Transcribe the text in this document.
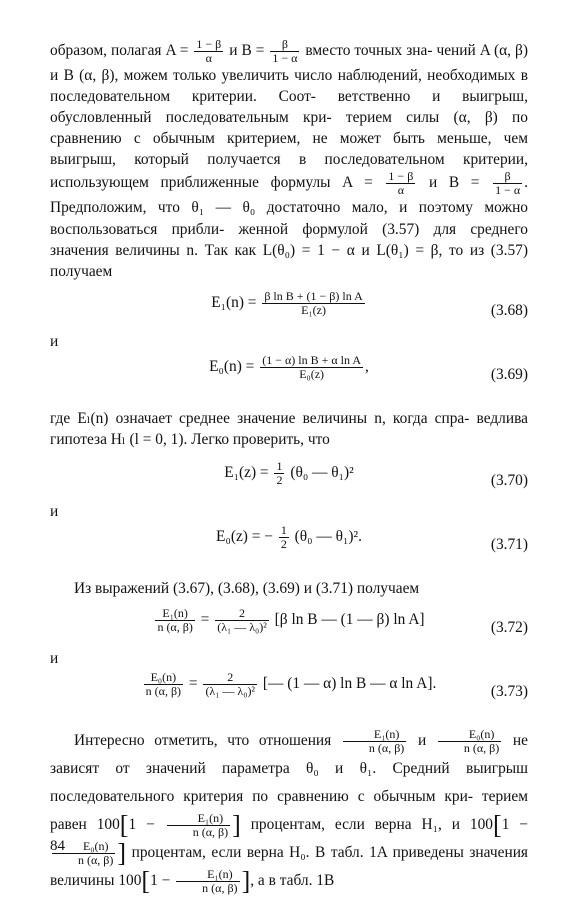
образом, полагая $A = \frac{1 - \beta}{\alpha}$ и $B = \frac{\beta}{1 - \alpha}$ вместо точных зна- чений A (α, β) и B (α, β), можем только увеличить число наблюдений, необходимых в последовательном критерии. Соот- ветственно и выигрыш, обусловленный последовательным кри- терием силы (α, β) по сравнению с обычным критерием, не может быть меньше, чем выигрыш, который получается в последовательном критерии, использующем приближенные формулы $A = \frac{1 - \beta}{\alpha}$ и $B = \frac{\beta}{1 - \alpha}$ . Предположим, что θ₁ — θ₀ достаточно мало, и поэтому можно воспользоваться прибли- женной формулой (3.57) для среднего значения величины n. Так как L(θ₀) = 1 − α и L(θ₁) = β, то из (3.57) получаем

$E_1(n) = \frac{\text{β ln B + (1 − β) ln A}}{\text{E₁(z)}}$	(3.68)
и
$E_0(n) = \frac{\text{(1 − α) ln B + α ln A}}{\text{E₀(z)}}$ ,	(3.69)

где Eₗ(n) означает среднее значение величины n, когда спра- ведлива гипотеза Hₗ (l = 0, 1). Легко проверить, что

$E_1(z) = \frac{1}{2} (\theta_0$ — θ₁)²	(3.70)
и
E₀(z) = − $\frac{1}{2} (\theta_0$ — θ₁)².	(3.71)

Из выражений (3.67), (3.68), (3.69) и (3.71) получаем

$\frac{\text{E₁(n)}}{n (\alpha, \beta)} = \frac{2}{\text{(λ₁ — λ₀)²}} [\beta$ ln B — (1 — β) ln A]	(3.72)
и
$\frac{\text{E₀(n)}}{n (\alpha, \beta)} = \frac{2}{\text{(λ₁ — λ₀)²}}$ [— (1 — α) ln B — α ln A].	(3.73)

Интересно отметить, что отношения $\frac{\text{E₁(n)}}{n (\alpha, \beta)}$ и $\frac{\text{E₀(n)}}{n (\alpha, \beta)}$ не зависят от значений параметра θ₀ и θ₁. Средний выигрыш последовательного критерия по сравнению с обычным кри- терием равен $100[1 - \frac{\text{E₁(n)}}{n (\alpha, \beta)}$ ] процентам, если верна H₁, и 100[1 −
$\frac{\text{E₀(n)}}{n (\alpha, \beta)}$ ] процентам, если верна H₀. В табл. 1A приведены значения величины $100[1 - \frac{\text{E₁(n)}}{n (\alpha, \beta)}$ ], а в табл. 1B

84
